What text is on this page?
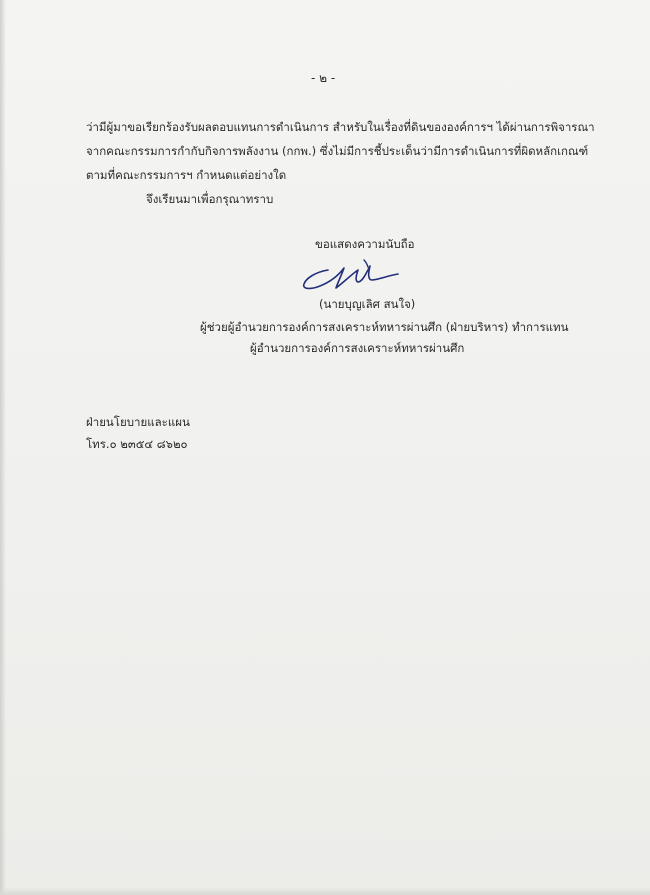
- ๒ -
ว่ามีผู้มาขอเรียกร้องรับผลตอบแทนการดำเนินการ สำหรับในเรื่องที่ดินขององค์การฯ ได้ผ่านการพิจารณา
จากคณะกรรมการกำกับกิจการพลังงาน (กกพ.) ซึ่งไม่มีการชี้ประเด็นว่ามีการดำเนินการที่ผิดหลักเกณฑ์
ตามที่คณะกรรมการฯ กำหนดแต่อย่างใด
จึงเรียนมาเพื่อกรุณาทราบ
ขอแสดงความนับถือ
(นายบุญเลิศ สนใจ)
ผู้ช่วยผู้อำนวยการองค์การสงเคราะห์ทหารผ่านศึก (ฝ่ายบริหาร) ทำการแทน
ผู้อำนวยการองค์การสงเคราะห์ทหารผ่านศึก
ฝ่ายนโยบายและแผน
โทร.๐ ๒๓๕๔ ๘๖๒๐
